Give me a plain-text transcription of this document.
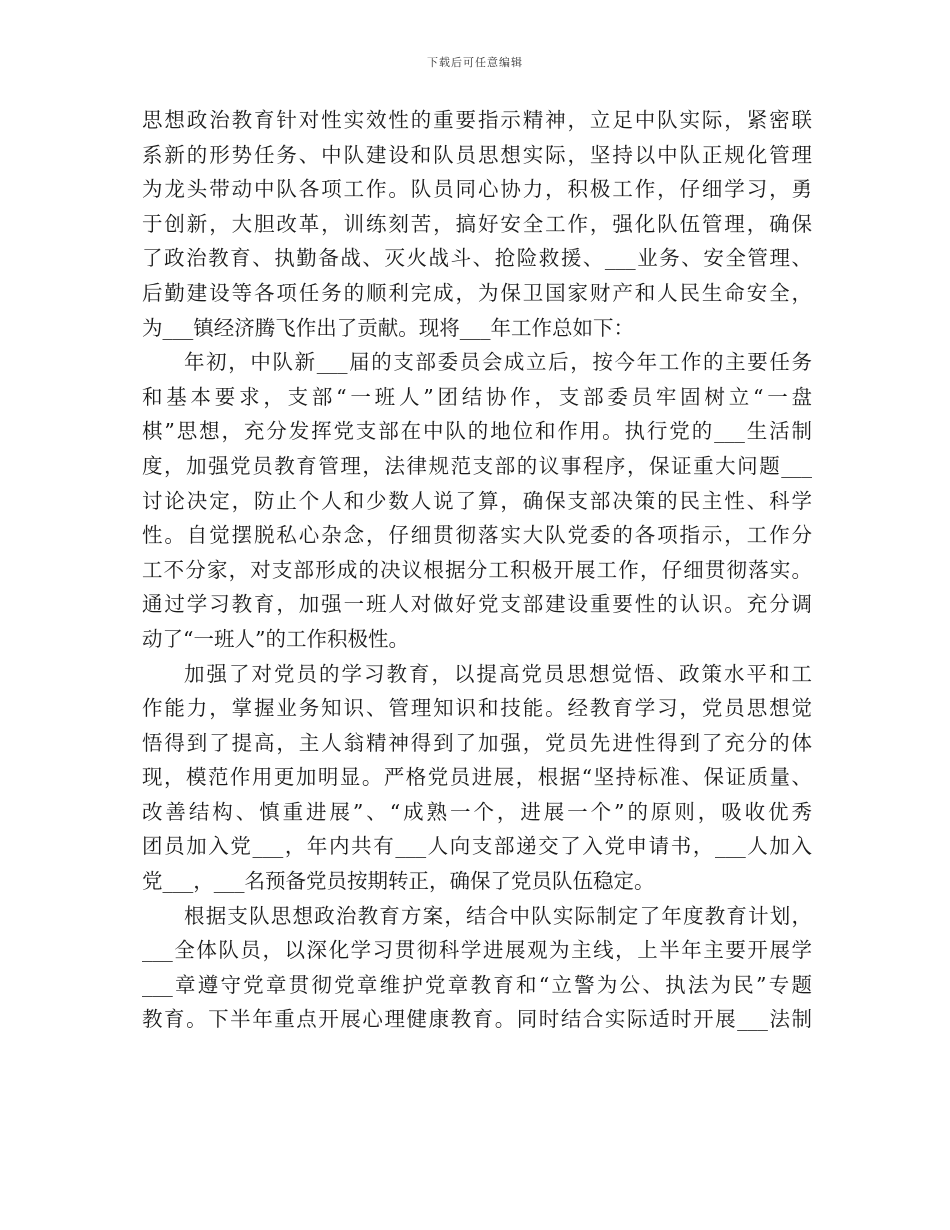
下载后可任意编辑
思想政治教育针对性实效性的重要指示精神，立足中队实际，紧密联
系新的形势任务、中队建设和队员思想实际，坚持以中队正规化管理
为龙头带动中队各项工作。队员同心协力，积极工作，仔细学习，勇
于创新，大胆改革，训练刻苦，搞好安全工作，强化队伍管理，确保
了政治教育、执勤备战、灭火战斗、抢险救援、___业务、安全管理、
后勤建设等各项任务的顺利完成，为保卫国家财产和人民生命安全，
为___镇经济腾飞作出了贡献。现将___年工作总如下：
年初，中队新___届的支部委员会成立后，按今年工作的主要任务
和基本要求，支部“一班人”团结协作，支部委员牢固树立“一盘
棋”思想，充分发挥党支部在中队的地位和作用。执行党的___生活制
度，加强党员教育管理，法律规范支部的议事程序，保证重大问题___
讨论决定，防止个人和少数人说了算，确保支部决策的民主性、科学
性。自觉摆脱私心杂念，仔细贯彻落实大队党委的各项指示，工作分
工不分家，对支部形成的决议根据分工积极开展工作，仔细贯彻落实。
通过学习教育，加强一班人对做好党支部建设重要性的认识。充分调
动了“一班人”的工作积极性。
加强了对党员的学习教育，以提高党员思想觉悟、政策水平和工
作能力，掌握业务知识、管理知识和技能。经教育学习，党员思想觉
悟得到了提高，主人翁精神得到了加强，党员先进性得到了充分的体
现，模范作用更加明显。严格党员进展，根据“坚持标准、保证质量、
改善结构、慎重进展”、“成熟一个，进展一个”的原则，吸收优秀
团员加入党___，年内共有___人向支部递交了入党申请书，___人加入
党___，___名预备党员按期转正，确保了党员队伍稳定。
根据支队思想政治教育方案，结合中队实际制定了年度教育计划，
___全体队员，以深化学习贯彻科学进展观为主线，上半年主要开展学
___章遵守党章贯彻党章维护党章教育和“立警为公、执法为民”专题
教育。下半年重点开展心理健康教育。同时结合实际适时开展___法制
